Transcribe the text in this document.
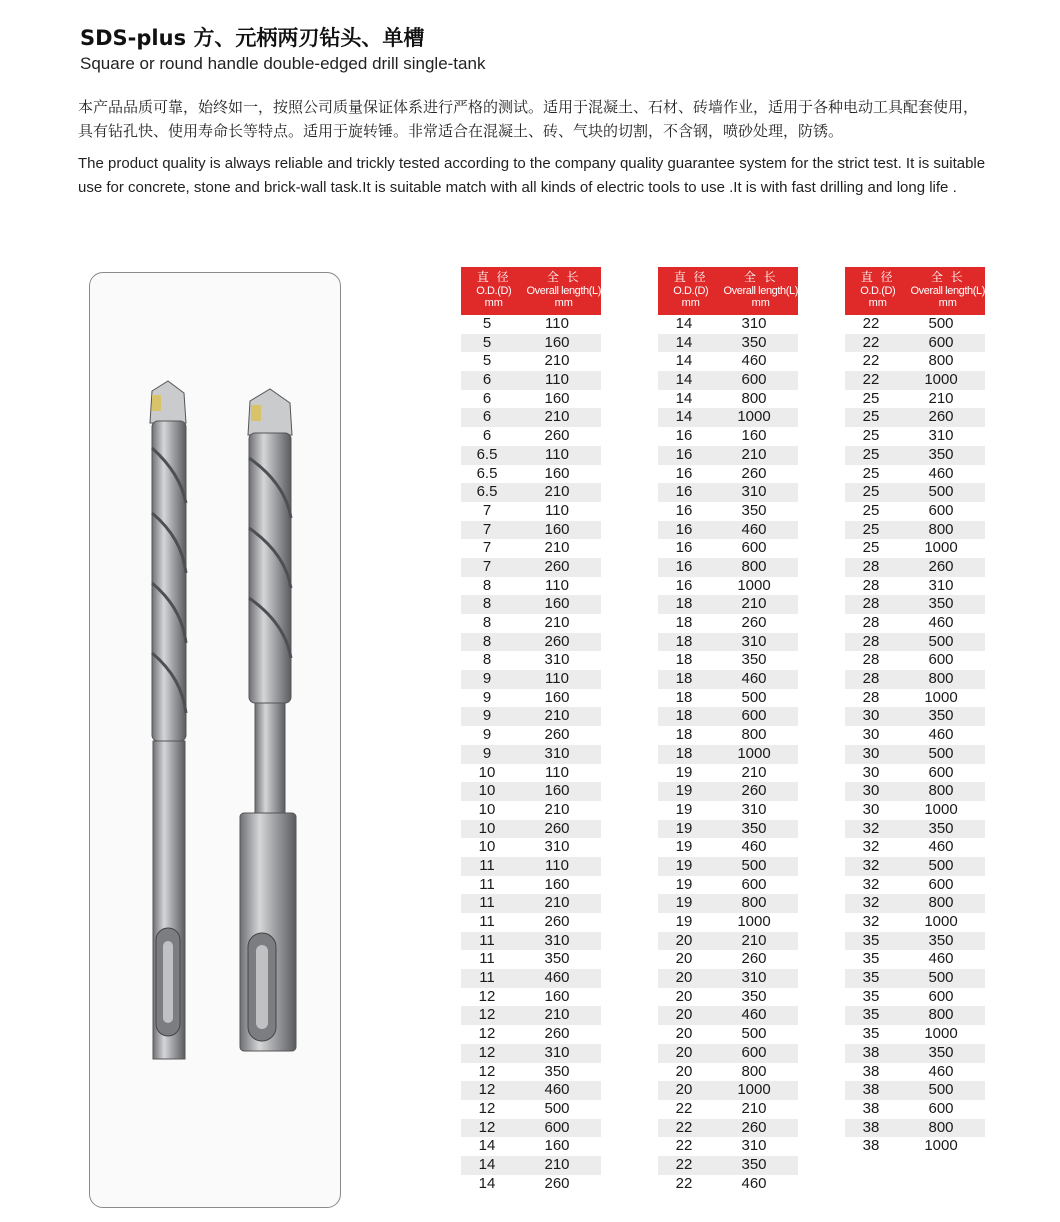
SDS-plus 方、元柄两刃钻头、单槽
Square or round handle double-edged drill single-tank
本产品品质可靠，始终如一，按照公司质量保证体系进行严格的测试。适用于混凝土、石材、砖墙作业，适用于各种电动工具配套使用，具有钻孔快、使用寿命长等特点。适用于旋转锤。非常适合在混凝土、砖、气块的切割，不含钢，喷砂处理，防锈。
The product quality is always reliable and trickly tested according to the company quality guarantee system for the strict test. It is suitable use for concrete, stone and brick-wall task.It is suitable match with all kinds of electric tools to use .It is with fast drilling and long life .
直 径
O.D.(D)
mm
全 长
Overall length(L)
mm
5	110
5	160
5	210
6	110
6	160
6	210
6	260
6.5	110
6.5	160
6.5	210
7	110
7	160
7	210
7	260
8	110
8	160
8	210
8	260
8	310
9	110
9	160
9	210
9	260
9	310
10	110
10	160
10	210
10	260
10	310
11	110
11	160
11	210
11	260
11	310
11	350
11	460
12	160
12	210
12	260
12	310
12	350
12	460
12	500
12	600
14	160
14	210
14	260
直 径
O.D.(D)
mm
全 长
Overall length(L)
mm
14	310
14	350
14	460
14	600
14	800
14	1000
16	160
16	210
16	260
16	310
16	350
16	460
16	600
16	800
16	1000
18	210
18	260
18	310
18	350
18	460
18	500
18	600
18	800
18	1000
19	210
19	260
19	310
19	350
19	460
19	500
19	600
19	800
19	1000
20	210
20	260
20	310
20	350
20	460
20	500
20	600
20	800
20	1000
22	210
22	260
22	310
22	350
22	460
直 径
O.D.(D)
mm
全 长
Overall length(L)
mm
22	500
22	600
22	800
22	1000
25	210
25	260
25	310
25	350
25	460
25	500
25	600
25	800
25	1000
28	260
28	310
28	350
28	460
28	500
28	600
28	800
28	1000
30	350
30	460
30	500
30	600
30	800
30	1000
32	350
32	460
32	500
32	600
32	800
32	1000
35	350
35	460
35	500
35	600
35	800
35	1000
38	350
38	460
38	500
38	600
38	800
38	1000
